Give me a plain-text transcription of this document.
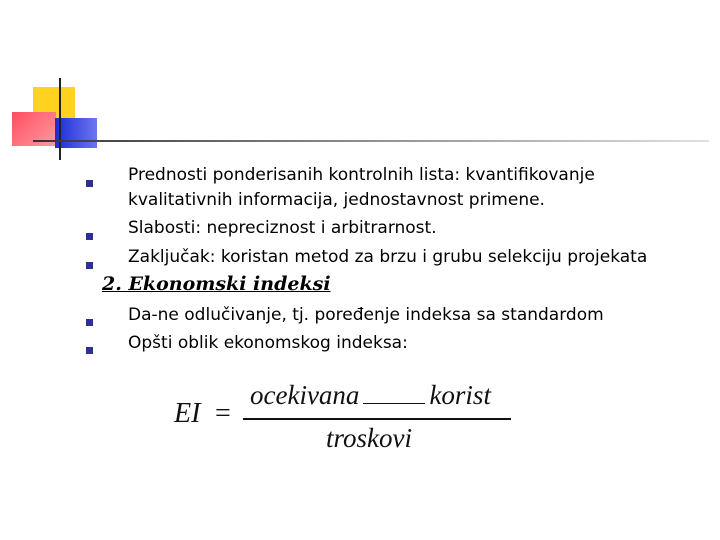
Prednosti ponderisanih kontrolnih lista: kvantifikovanje
kvalitativnih informacija, jednostavnost primene.
Slabosti: nepreciznost i arbitrarnost.
Zaključak: koristan metod za brzu i grubu selekciju projekata
2. Ekonomski indeksi
Da-ne odlučivanje, tj. poređenje indeksa sa standardom
Opšti oblik ekonomskog indeksa:
EI =
ocekivana	korist
troskovi
